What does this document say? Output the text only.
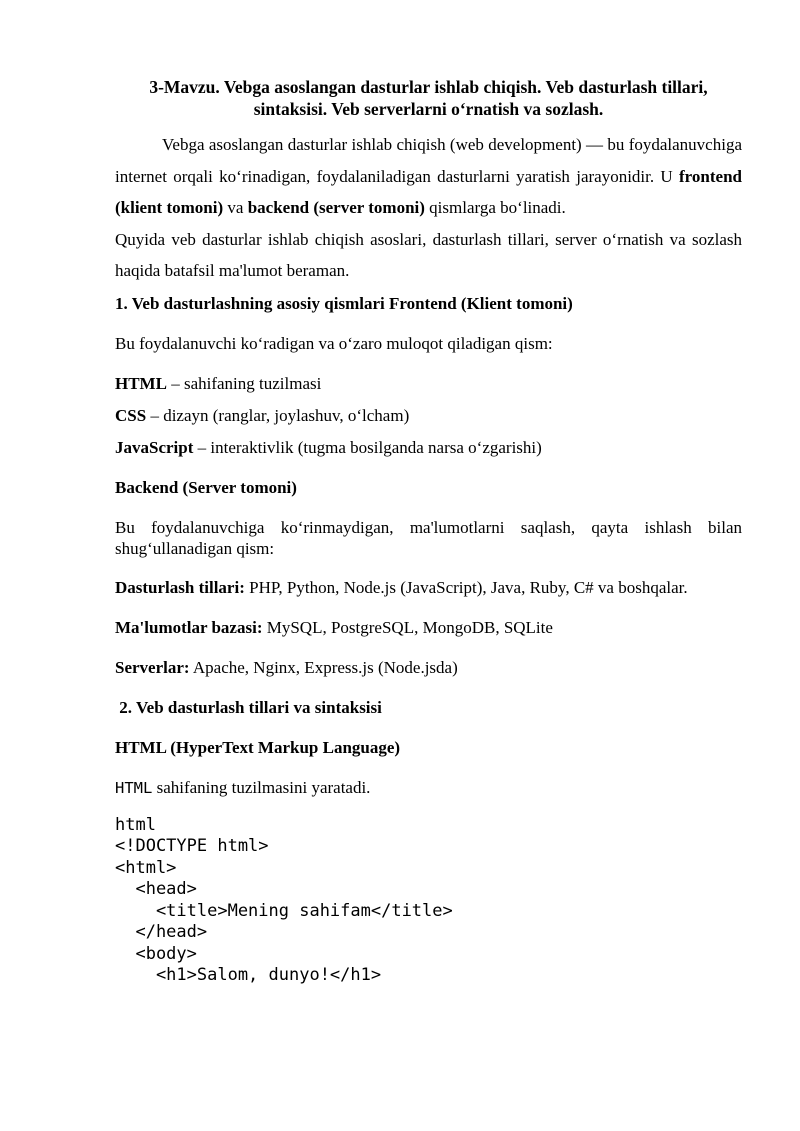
3-Mavzu. Vebga asoslangan dasturlar ishlab chiqish. Veb dasturlash tillari,
sintaksisi. Veb serverlarni o‘rnatish va sozlash.

Vebga asoslangan dasturlar ishlab chiqish (web development) — bu foydalanuvchiga internet orqali ko‘rinadigan, foydalaniladigan dasturlarni yaratish jarayonidir. U frontend (klient tomoni) va backend (server tomoni) qismlarga bo‘linadi.

Quyida veb dasturlar ishlab chiqish asoslari, dasturlash tillari, server o‘rnatish va sozlash haqida batafsil ma'lumot beraman.

1. Veb dasturlashning asosiy qismlari Frontend (Klient tomoni)

Bu foydalanuvchi ko‘radigan va o‘zaro muloqot qiladigan qism:

HTML – sahifaning tuzilmasi

CSS – dizayn (ranglar, joylashuv, o‘lcham)

JavaScript – interaktivlik (tugma bosilganda narsa o‘zgarishi)

Backend (Server tomoni)

Bu foydalanuvchiga ko‘rinmaydigan, ma'lumotlarni saqlash, qayta ishlash bilan shug‘ullanadigan qism:

Dasturlash tillari: PHP, Python, Node.js (JavaScript), Java, Ruby, C# va boshqalar.

Ma'lumotlar bazasi: MySQL, PostgreSQL, MongoDB, SQLite

Serverlar: Apache, Nginx, Express.js (Node.jsda)

2. Veb dasturlash tillari va sintaksisi

HTML (HyperText Markup Language)

HTML sahifaning tuzilmasini yaratadi.

html
<!DOCTYPE html>
<html>
<head>
<title>Mening sahifam</title>
</head>
<body>
<h1>Salom, dunyo!</h1>
